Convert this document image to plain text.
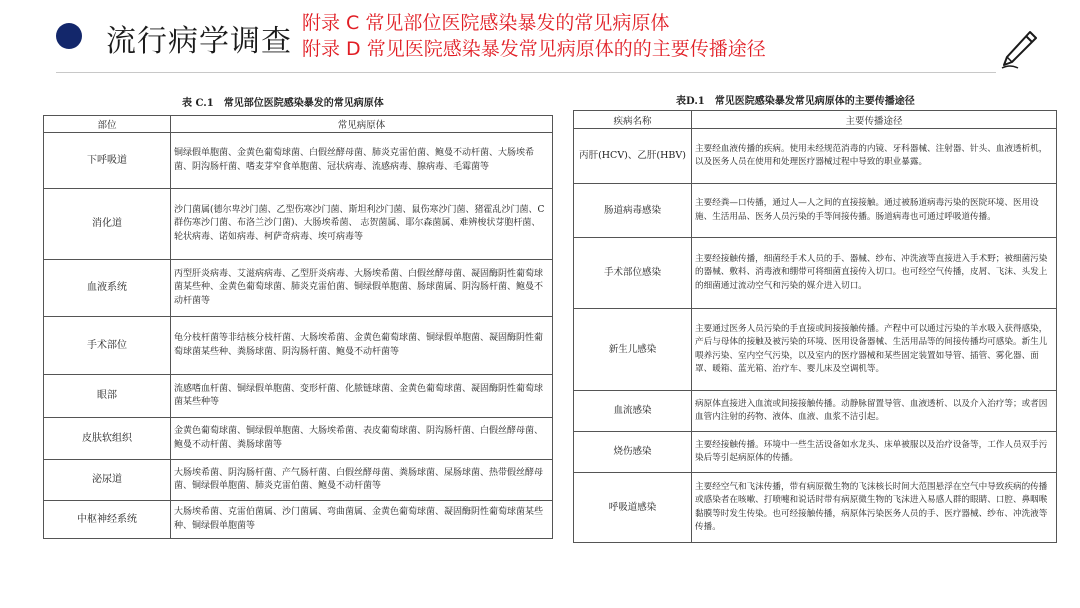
流行病学调查
附录 C 常见部位医院感染暴发的常见病原体
附录 D 常见医院感染暴发常见病原体的的主要传播途径
表 C.1　常见部位医院感染暴发的常见病原体
部位	常见病原体
下呼吸道	铜绿假单胞菌、金黄色葡萄球菌、白假丝酵母菌、肺炎克雷伯菌、鲍曼不动杆菌、大肠埃希菌、阴沟肠杆菌、嗜麦芽窄食单胞菌、冠状病毒、流感病毒、腺病毒、毛霉菌等
消化道	沙门菌属(德尔卑沙门菌、乙型伤寒沙门菌、斯坦利沙门菌、鼠伤寒沙门菌、猪霍乱沙门菌、C 群伤寒沙门菌、布洛兰沙门菌)、大肠埃希菌、 志贺菌属、耶尔森菌属、难辨梭状芽胞杆菌、轮状病毒、诺如病毒、柯萨奇病毒、埃可病毒等
血液系统	丙型肝炎病毒、艾滋病病毒、乙型肝炎病毒、大肠埃希菌、白假丝酵母菌、凝固酶阴性葡萄球菌某些种、金黄色葡萄球菌、肺炎克雷伯菌、铜绿假单胞菌、肠球菌属、阴沟肠杆菌、鲍曼不动杆菌等
手术部位	龟分枝杆菌等非结核分枝杆菌、大肠埃希菌、金黄色葡萄球菌、铜绿假单胞菌、凝固酶阴性葡萄球菌某些种、粪肠球菌、阴沟肠杆菌、鲍曼不动杆菌等
眼部	流感嗜血杆菌、铜绿假单胞菌、变形杆菌、化脓链球菌、金黄色葡萄球菌、凝固酶阴性葡萄球菌某些种等
皮肤软组织	金黄色葡萄球菌、铜绿假单胞菌、大肠埃希菌、表皮葡萄球菌、阴沟肠杆菌、白假丝酵母菌、鲍曼不动杆菌、粪肠球菌等
泌尿道	大肠埃希菌、阴沟肠杆菌、产气肠杆菌、白假丝酵母菌、粪肠球菌、屎肠球菌、热带假丝酵母菌、铜绿假单胞菌、肺炎克雷伯菌、鲍曼不动杆菌等
中枢神经系统	大肠埃希菌、克雷伯菌属、沙门菌属、弯曲菌属、金黄色葡萄球菌、凝固酶阴性葡萄球菌某些种、铜绿假单胞菌等
表D.1　常见医院感染暴发常见病原体的主要传播途径
疾病名称	主要传播途径
丙肝(HCV)、乙肝(HBV)	主要经血液传播的疾病。使用未经规范消毒的内镜、牙科器械、注射器、针头、血液透析机，以及医务人员在使用和处理医疗器械过程中导致的职业暴露。
肠道病毒感染	主要经粪—口传播，通过人—人之间的直接接触。通过被肠道病毒污染的医院环境、医用设施、生活用品、医务人员污染的手等间接传播。肠道病毒也可通过呼吸道传播。
手术部位感染	主要经接触传播，细菌经手术人员的手、器械、纱布、冲洗液等直接进入手术野；被细菌污染的器械、敷料、消毒液和绷带可将细菌直接传入切口。也可经空气传播，皮屑、飞沫、头发上的细菌通过流动空气和污染的媒介进入切口。
新生儿感染	主要通过医务人员污染的手直接或间接接触传播。产程中可以通过污染的羊水吸入获得感染，产后与母体的接触及被污染的环境、医用设备器械、生活用品等的间接传播均可感染。新生儿喂养污染、室内空气污染，以及室内的医疗器械和某些固定装置如导管、插管、雾化器、面罩、暖箱、蓝光箱、治疗车、婴儿床及空调机等。
血流感染	病原体直接进入血流或间接接触传播。动静脉留置导管、血液透析、以及介入治疗等；或者因血管内注射的药物、液体、血液、血浆不洁引起。
烧伤感染	主要经接触传播。环境中一些生活设备如水龙头、床单被服以及治疗设备等，工作人员双手污染后等引起病原体的传播。
呼吸道感染	主要经空气和飞沫传播，带有病原微生物的飞沫核长时间大范围悬浮在空气中导致疾病的传播或感染者在咳嗽、打喷嚏和说话时带有病原微生物的飞沫进入易感人群的眼睛、口腔、鼻咽喉黏膜等时发生传染。也可经接触传播，病原体污染医务人员的手、医疗器械、纱布、冲洗液等传播。
